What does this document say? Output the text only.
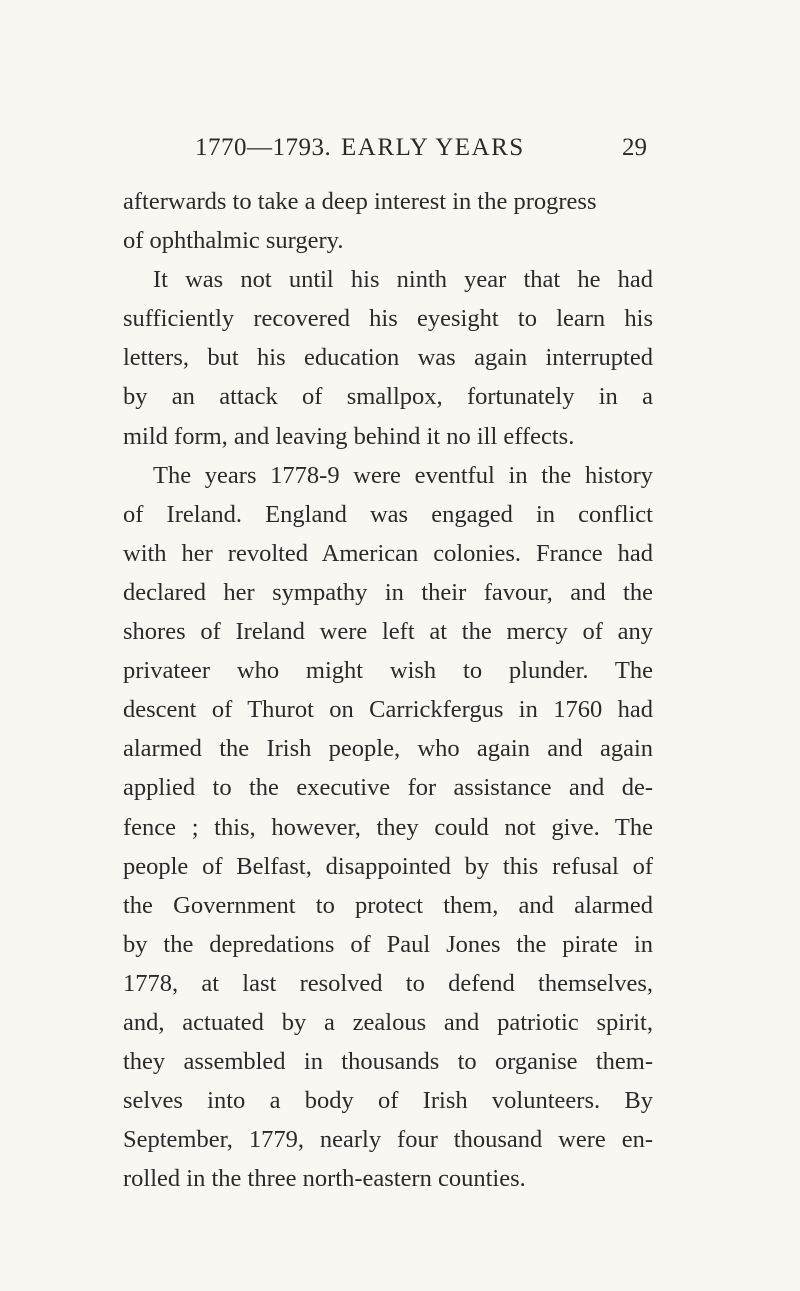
1770—1793. EARLY YEARS	29
afterwards to take a deep interest in the progress
of ophthalmic surgery.
It was not until his ninth year that he had
sufficiently recovered his eyesight to learn his
letters, but his education was again interrupted
by an attack of smallpox, fortunately in a
mild form, and leaving behind it no ill effects.
The years 1778-9 were eventful in the history
of Ireland. England was engaged in conflict
with her revolted American colonies. France had
declared her sympathy in their favour, and the
shores of Ireland were left at the mercy of any
privateer who might wish to plunder. The
descent of Thurot on Carrickfergus in 1760 had
alarmed the Irish people, who again and again
applied to the executive for assistance and de-
fence ; this, however, they could not give. The
people of Belfast, disappointed by this refusal of
the Government to protect them, and alarmed
by the depredations of Paul Jones the pirate in
1778, at last resolved to defend themselves,
and, actuated by a zealous and patriotic spirit,
they assembled in thousands to organise them-
selves into a body of Irish volunteers. By
September, 1779, nearly four thousand were en-
rolled in the three north-eastern counties.
